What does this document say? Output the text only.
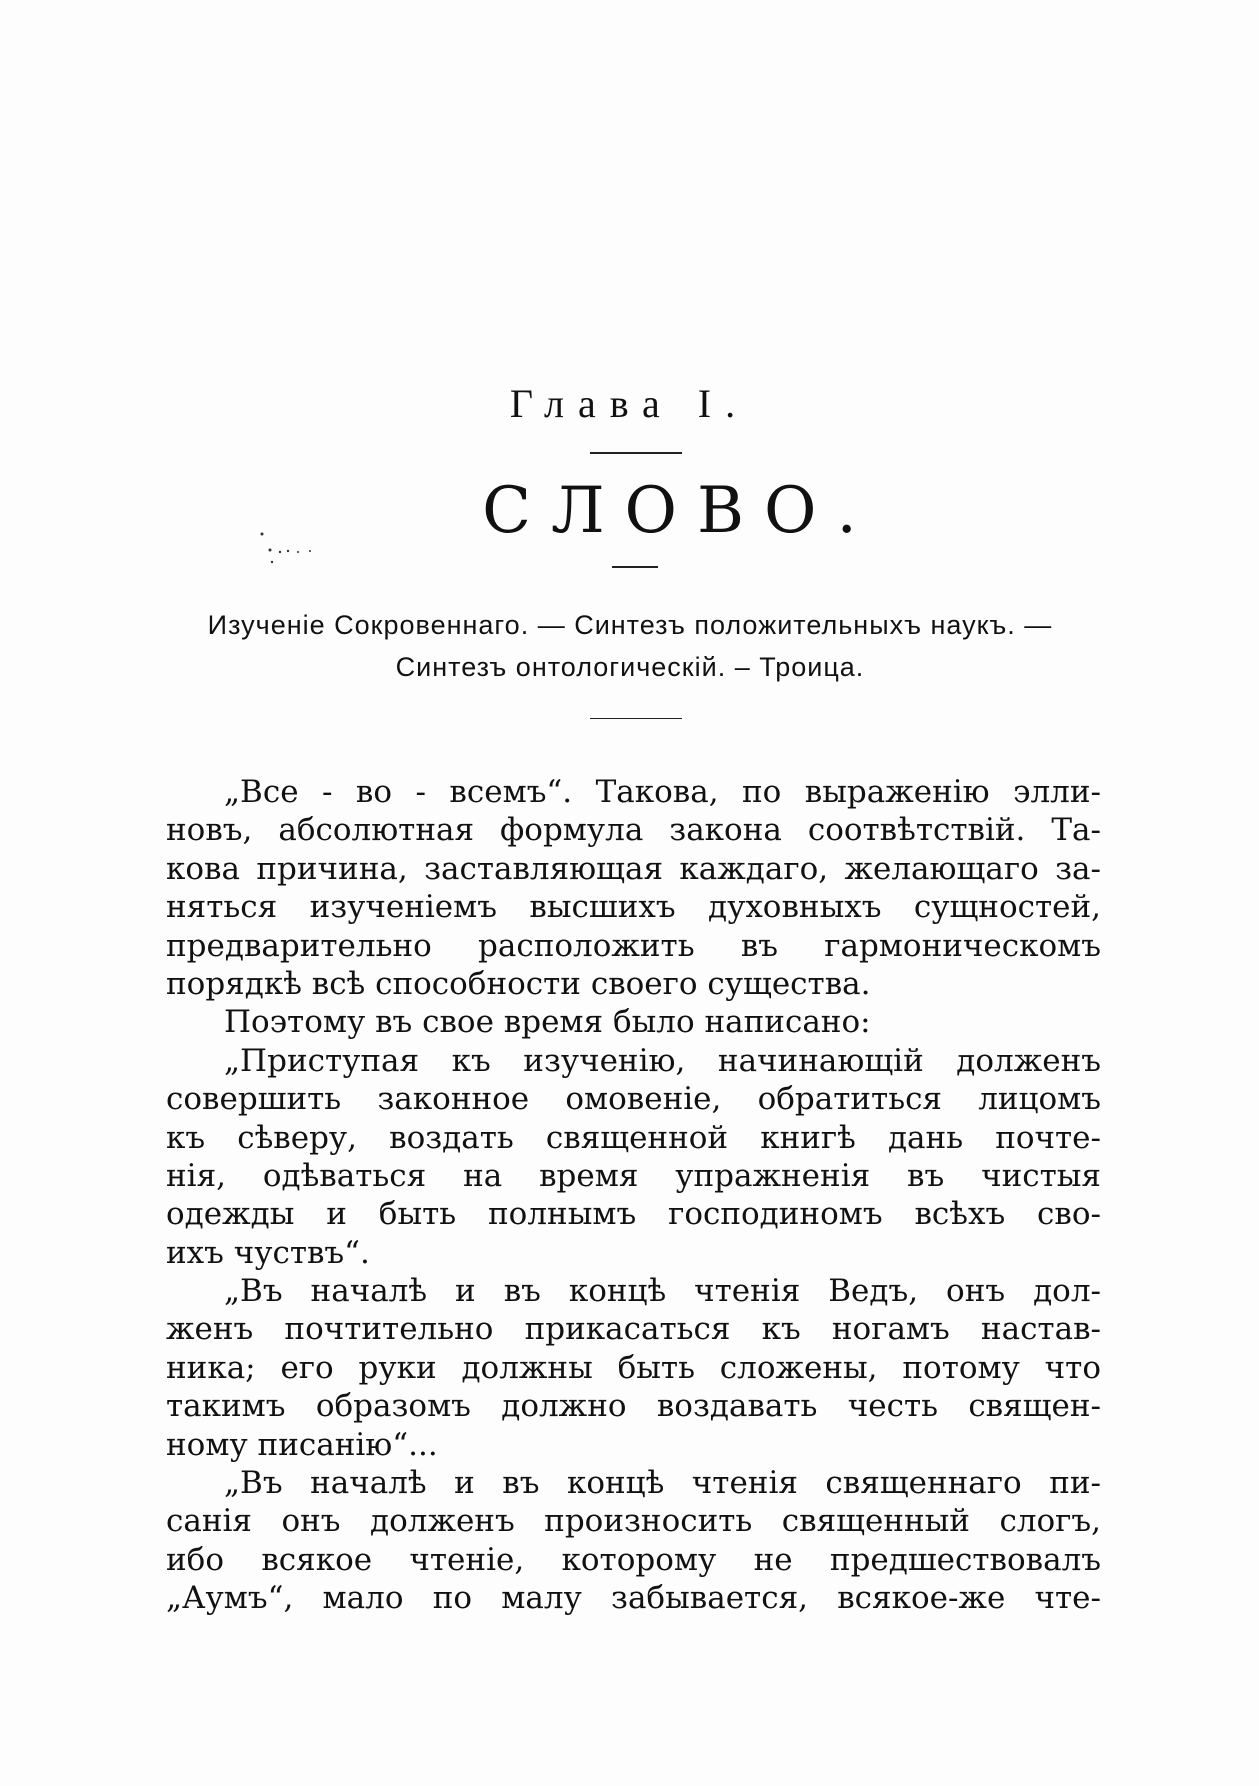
Глава I.
СЛОВО.
Изученіе Сокровеннаго. — Синтезъ положительныхъ наукъ. —
Синтезъ онтологическій. – Троица.
„Все - во - всемъ“. Такова, по выраженію элли-
новъ, абсолютная формула закона соотвѣтствій. Та-
кова причина, заставляющая каждаго, желающаго за-
няться изученіемъ высшихъ духовныхъ сущностей,
предварительно расположить въ гармоническомъ
порядкѣ всѣ способности своего существа.
Поэтому въ свое время было написано:
„Приступая къ изученію, начинающій долженъ
совершить законное омовеніе, обратиться лицомъ
къ сѣверу, воздать священной книгѣ дань почте-
нія, одѣваться на время упражненія въ чистыя
одежды и быть полнымъ господиномъ всѣхъ сво-
ихъ чуствъ“.
„Въ началѣ и въ концѣ чтенія Ведъ, онъ дол-
женъ почтительно прикасаться къ ногамъ настав-
ника; его руки должны быть сложены, потому что
такимъ образомъ должно воздавать честь священ-
ному писанію“...
„Въ началѣ и въ концѣ чтенія священнаго пи-
санія онъ долженъ произносить священный слогъ,
ибо всякое чтеніе, которому не предшествовалъ
„Аумъ“, мало по малу забывается, всякое-же чте-
